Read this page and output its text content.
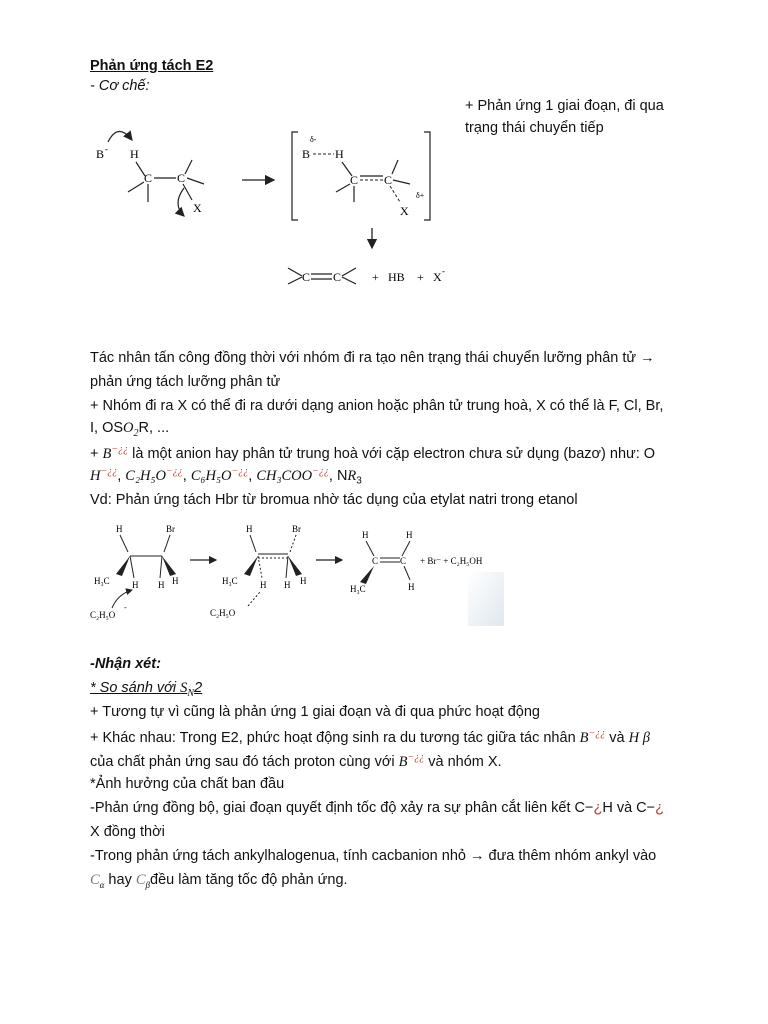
Phản ứng tách E2
- Cơ chế:
+ Phản ứng 1 giai đoạn, đi qua
trạng thái chuyển tiếp
B - H
C C
X
δ-
B H
C C
X
δ+
C C	+ HB + X -
Tác nhân tấn công đồng thời với nhóm đi ra tạo nên trạng thái chuyển lưỡng phân tử →
phản ứng tách lưỡng phân tử
+ Nhóm đi ra X có thể đi ra dưới dạng anion hoặc phân tử trung hoà, X có thể là F, Cl, Br,
I, $OSO_2R$, ...
+ B−¿¿ là một anion hay phân tử trung hoà với cặp electron chưa sử dụng (bazơ) như: O
H−¿¿, C₂H₅O−¿¿, C₆H₅O−¿¿, CH₃COO−¿¿, $NR_3$
Vd: Phản ứng tách Hbr từ bromua nhờ tác dụng của etylat natri trong etanol
H	Br
H₃C H	H
H
C₂H₅O
-
H	Br
H₃C H	H
H
C₂H₅O
H	H
C C
H₃C	H
+ Br⁻ + C₂H₅OH
-Nhận xét:
* So sánh với $S_N2$
+ Tương tự vì cũng là phản ứng 1 giai đoạn và đi qua phức hoạt động
+ Khác nhau: Trong E2, phức hoạt động sinh ra du tương tác giữa tác nhân B−¿¿ và H β
của chất phản ứng sau đó tách proton cùng với B−¿¿ và nhóm X.
*Ảnh hưởng của chất ban đầu
-Phản ứng đồng bộ, giai đoạn quyết định tốc độ xảy ra sự phân cắt liên kết C−¿H và C−¿
X đồng thời
-Trong phản ứng tách ankylhalogenua, tính cacbanion nhỏ → đưa thêm nhóm ankyl vào
$C_\alpha$ hay $C_\beta đều$ làm tăng tốc độ phản ứng.
